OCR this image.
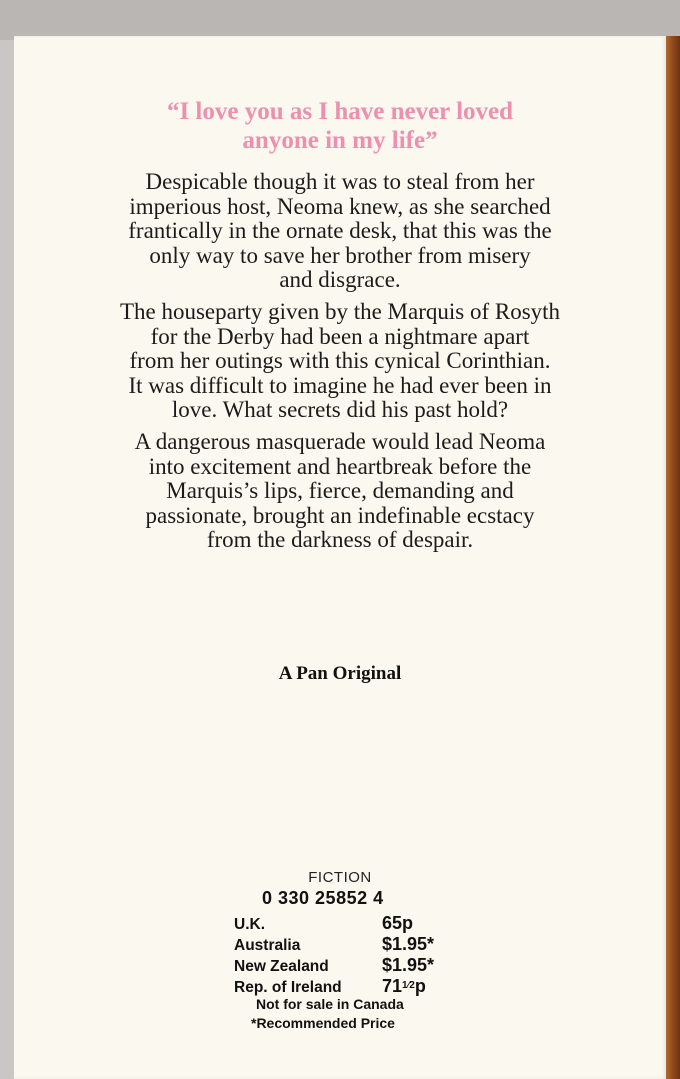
“I love you as I have never loved
anyone in my life”
Despicable though it was to steal from her
imperious host, Neoma knew, as she searched
frantically in the ornate desk, that this was the
only way to save her brother from misery
and disgrace.
The houseparty given by the Marquis of Rosyth
for the Derby had been a nightmare apart
from her outings with this cynical Corinthian.
It was difficult to imagine he had ever been in
love. What secrets did his past hold?
A dangerous masquerade would lead Neoma
into excitement and heartbreak before the
Marquis’s lips, fierce, demanding and
passionate, brought an indefinable ecstacy
from the darkness of despair.
A Pan Original
FICTION
0 330 25852 4
U.K.	65p
Australia	$1.95*
New Zealand	$1.95*
Rep. of Ireland 711⁄2p
Not for sale in Canada
*Recommended Price
